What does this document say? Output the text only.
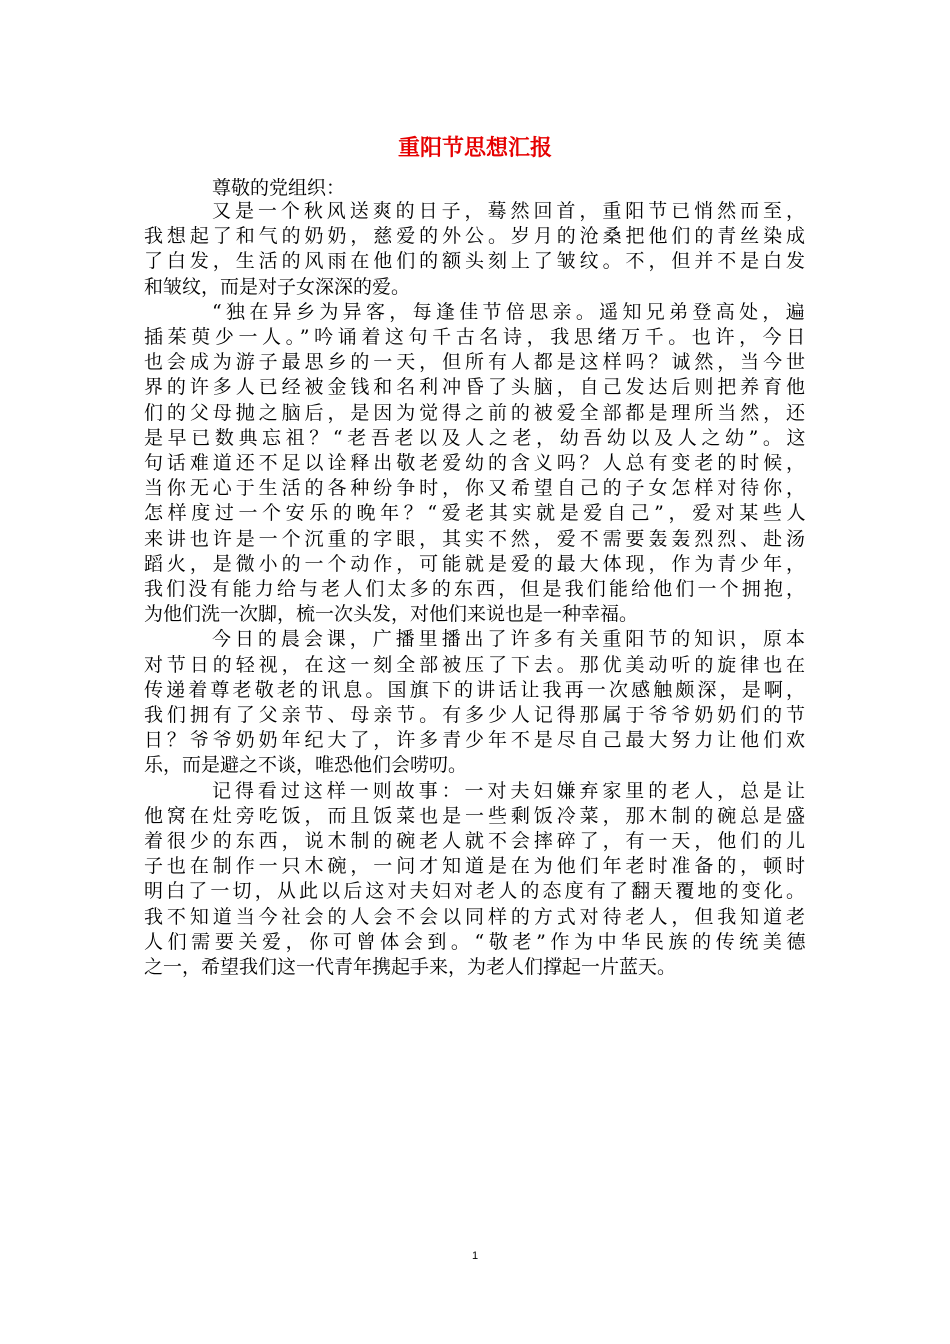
重阳节思想汇报
尊敬的党组织：
又是一个秋风送爽的日子，蓦然回首，重阳节已悄然而至，
我想起了和气的奶奶，慈爱的外公。岁月的沧桑把他们的青丝染成
了白发，生活的风雨在他们的额头刻上了皱纹。不，但并不是白发
和皱纹，而是对子女深深的爱。
“独在异乡为异客，每逢佳节倍思亲。遥知兄弟登高处，遍
插茱萸少一人。”吟诵着这句千古名诗，我思绪万千。也许，今日
也会成为游子最思乡的一天，但所有人都是这样吗？诚然，当今世
界的许多人已经被金钱和名利冲昏了头脑，自己发达后则把养育他
们的父母抛之脑后，是因为觉得之前的被爱全部都是理所当然，还
是早已数典忘祖？“老吾老以及人之老，幼吾幼以及人之幼”。这
句话难道还不足以诠释出敬老爱幼的含义吗？人总有变老的时候，
当你无心于生活的各种纷争时，你又希望自己的子女怎样对待你，
怎样度过一个安乐的晚年？“爱老其实就是爱自己”，爱对某些人
来讲也许是一个沉重的字眼，其实不然，爱不需要轰轰烈烈、赴汤
蹈火，是微小的一个动作，可能就是爱的最大体现，作为青少年，
我们没有能力给与老人们太多的东西，但是我们能给他们一个拥抱，
为他们洗一次脚，梳一次头发，对他们来说也是一种幸福。
今日的晨会课，广播里播出了许多有关重阳节的知识，原本
对节日的轻视，在这一刻全部被压了下去。那优美动听的旋律也在
传递着尊老敬老的讯息。国旗下的讲话让我再一次感触颇深，是啊，
我们拥有了父亲节、母亲节。有多少人记得那属于爷爷奶奶们的节
日？爷爷奶奶年纪大了，许多青少年不是尽自己最大努力让他们欢
乐，而是避之不谈，唯恐他们会唠叨。
记得看过这样一则故事：一对夫妇嫌弃家里的老人，总是让
他窝在灶旁吃饭，而且饭菜也是一些剩饭冷菜，那木制的碗总是盛
着很少的东西，说木制的碗老人就不会摔碎了，有一天，他们的儿
子也在制作一只木碗，一问才知道是在为他们年老时准备的，顿时
明白了一切，从此以后这对夫妇对老人的态度有了翻天覆地的变化。
我不知道当今社会的人会不会以同样的方式对待老人，但我知道老
人们需要关爱，你可曾体会到。“敬老”作为中华民族的传统美德
之一，希望我们这一代青年携起手来，为老人们撑起一片蓝天。
1
